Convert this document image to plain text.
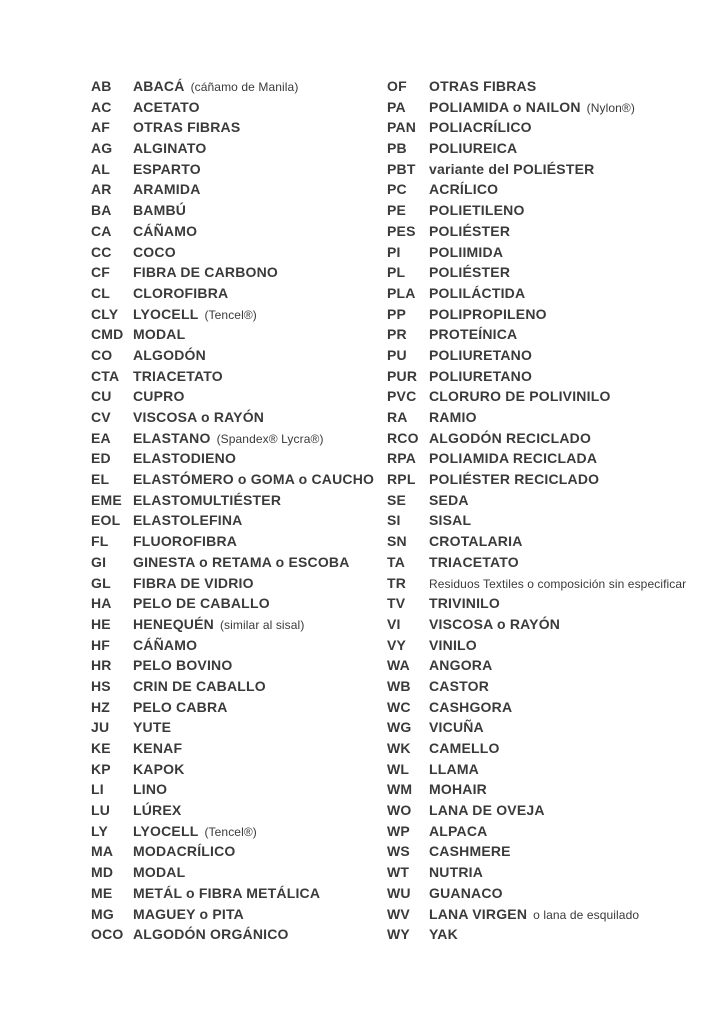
AB	ABACÁ (cáñamo de Manila)
AC	ACETATO
AF	OTRAS FIBRAS
AG	ALGINATO
AL	ESPARTO
AR	ARAMIDA
BA	BAMBÚ
CA	CÁÑAMO
CC	COCO
CF	FIBRA DE CARBONO
CL	CLOROFIBRA
CLY	LYOCELL (Tencel®)
CMD MODAL
CO	ALGODÓN
CTA TRIACETATO
CU	CUPRO
CV	VISCOSA o RAYÓN
EA	ELASTANO (Spandex® Lycra®)
ED	ELASTODIENO
EL	ELASTÓMERO o GOMA o CAUCHO
EME ELASTOMULTIÉSTER
EOL ELASTOLEFINA
FL	FLUOROFIBRA
GI	GINESTA o RETAMA o ESCOBA
GL	FIBRA DE VIDRIO
HA	PELO DE CABALLO
HE	HENEQUÉN (similar al sisal)
HF	CÁÑAMO
HR	PELO BOVINO
HS	CRIN DE CABALLO
HZ	PELO CABRA
JU	YUTE
KE	KENAF
KP	KAPOK
LI	LINO
LU	LÚREX
LY	LYOCELL (Tencel®)
MA	MODACRÍLICO
MD	MODAL
ME	METÁL o FIBRA METÁLICA
MG	MAGUEY o PITA
OCO ALGODÓN ORGÁNICO
OF	OTRAS FIBRAS
PA	POLIAMIDA o NAILON (Nylon®)
PAN POLIACRÍLICO
PB	POLIUREICA
PBT variante del POLIÉSTER
PC	ACRÍLICO
PE	POLIETILENO
PES POLIÉSTER
PI	POLIIMIDA
PL	POLIÉSTER
PLA POLILÁCTIDA
PP	POLIPROPILENO
PR	PROTEÍNICA
PU	POLIURETANO
PUR POLIURETANO
PVC CLORURO DE POLIVINILO
RA	RAMIO
RCO ALGODÓN RECICLADO
RPA POLIAMIDA RECICLADA
RPL POLIÉSTER RECICLADO
SE	SEDA
SI	SISAL
SN	CROTALARIA
TA	TRIACETATO
TR	Residuos Textiles o composición sin especificar
TV	TRIVINILO
VI	VISCOSA o RAYÓN
VY	VINILO
WA	ANGORA
WB	CASTOR
WC	CASHGORA
WG	VICUÑA
WK	CAMELLO
WL	LLAMA
WM	MOHAIR
WO	LANA DE OVEJA
WP	ALPACA
WS	CASHMERE
WT	NUTRIA
WU	GUANACO
WV	LANA VIRGEN o lana de esquilado
WY	YAK
